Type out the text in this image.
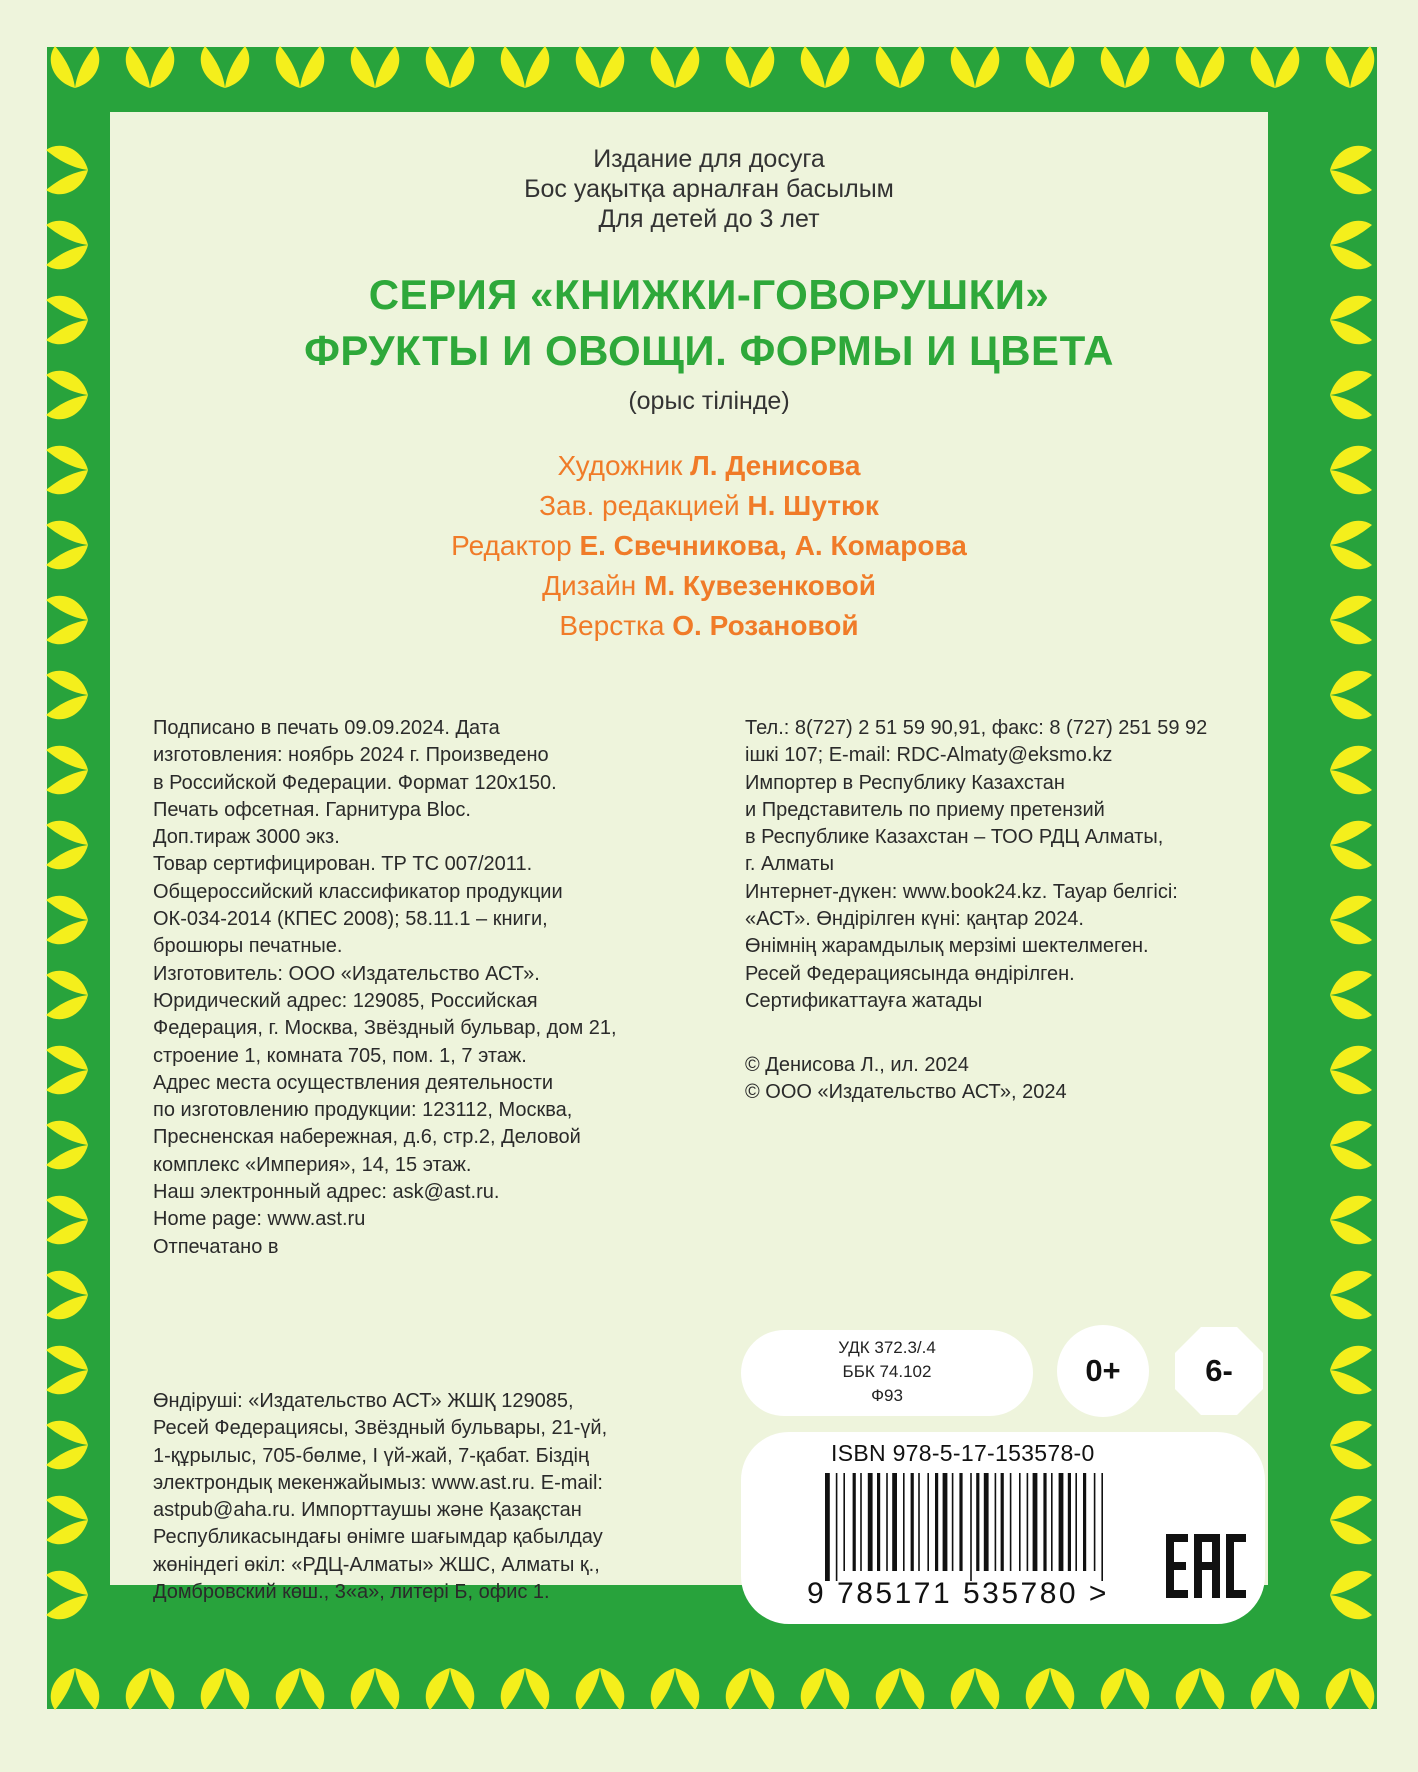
Издание для досуга
Бос уақытқа арналған басылым
Для детей до 3 лет
СЕРИЯ «КНИЖКИ-ГОВОРУШКИ»
ФРУКТЫ И ОВОЩИ. ФОРМЫ И ЦВЕТА
(орыс тілінде)
Художник Л. Денисова
Зав. редакцией Н. Шутюк
Редактор Е. Свечникова, А. Комарова
Дизайн М. Кувезенковой
Верстка О. Розановой
Подписано в печать 09.09.2024. Дата
изготовления: ноябрь 2024 г. Произведено
в Российской Федерации. Формат 120x150.
Печать офсетная. Гарнитура Bloc.
Доп.тираж 3000 экз.
Товар сертифицирован. ТР ТС 007/2011.
Общероссийский классификатор продукции
ОК-034-2014 (КПЕС 2008); 58.11.1 – книги,
брошюры печатные.
Изготовитель: ООО «Издательство АСТ».
Юридический адрес: 129085, Российская
Федерация, г. Москва, Звёздный бульвар, дом 21,
строение 1, комната 705, пом. 1, 7 этаж.
Адрес места осуществления деятельности
по изготовлению продукции: 123112, Москва,
Пресненская набережная, д.6, стр.2, Деловой
комплекс «Империя», 14, 15 этаж.
Наш электронный адрес: ask@ast.ru.
Home page: www.ast.ru
Отпечатано в
Тел.: 8(727) 2 51 59 90,91, факс: 8 (727) 251 59 92
ішкі 107; E-mail: RDC-Almaty@eksmo.kz
Импортер в Республику Казахстан
и Представитель по приему претензий
в Республике Казахстан – ТОО РДЦ Алматы,
г. Алматы
Интернет-дүкен: www.book24.kz. Тауар белгісі:
«АСТ». Өндірілген күні: қаңтар 2024.
Өнімнің жарамдылық мерзімі шектелмеген.
Ресей Федерациясында өндірілген.
Сертификаттауға жатады
© Денисова Л., ил. 2024
© ООО «Издательство АСТ», 2024
Өндіруші: «Издательство АСТ» ЖШҚ 129085,
Ресей Федерациясы, Звёздный бульвары, 21-үй,
1-құрылыс, 705-бөлме, I үй-жай, 7-қабат. Біздің
электрондық мекенжайымыз: www.ast.ru. E-mail:
astpub@aha.ru. Импорттаушы және Қазақстан
Республикасындағы өнімге шағымдар қабылдау
жөніндегі өкіл: «РДЦ-Алматы» ЖШС, Алматы қ.,
Домбровский көш., 3«а», литері Б, офис 1.
УДК 372.3/.4
ББК 74.102
Ф93
0+	6-
ISBN 978-5-17-153578-0
9 785171 535780 >
